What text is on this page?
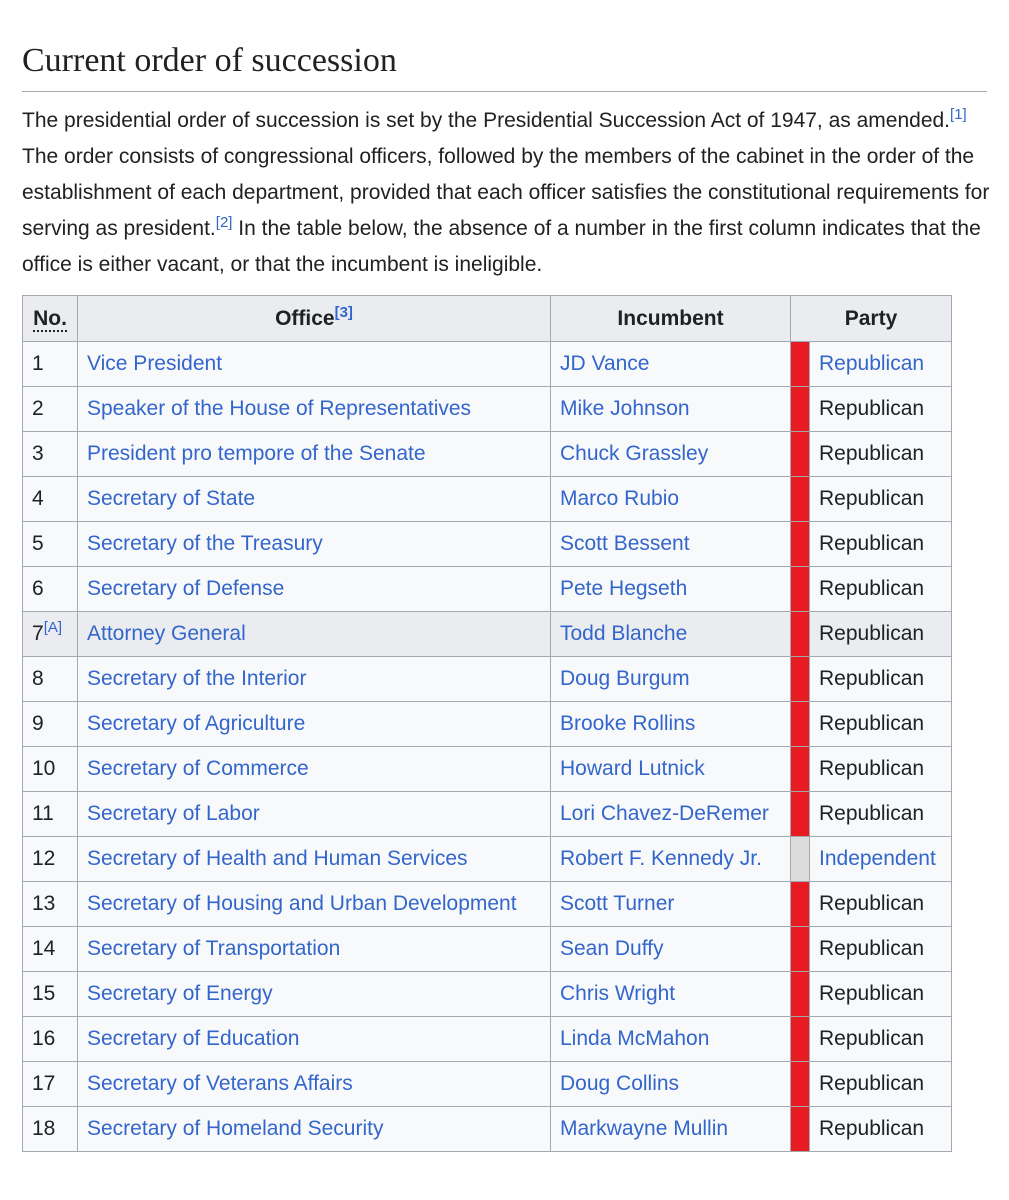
Current order of succession

The presidential order of succession is set by the Presidential Succession Act of 1947, as amended.[1] The order consists of congressional officers, followed by the members of the cabinet in the order of the establishment of each department, provided that each officer satisfies the constitutional requirements for serving as president.[2] In the table below, the absence of a number in the first column indicates that the office is either vacant, or that the incumbent is ineligible.

No.	Office[3]	Incumbent	Party	
1	Vice President	JD Vance		Republican
2	Speaker of the House of Representatives	Mike Johnson		Republican
3	President pro tempore of the Senate	Chuck Grassley		Republican
4	Secretary of State	Marco Rubio		Republican
5	Secretary of the Treasury	Scott Bessent		Republican
6	Secretary of Defense	Pete Hegseth		Republican
7[A]	Attorney General	Todd Blanche		Republican
8	Secretary of the Interior	Doug Burgum		Republican
9	Secretary of Agriculture	Brooke Rollins		Republican
10	Secretary of Commerce	Howard Lutnick		Republican
11	Secretary of Labor	Lori Chavez-DeRemer		Republican
12	Secretary of Health and Human Services	Robert F. Kennedy Jr.		Independent
13	Secretary of Housing and Urban Development	Scott Turner		Republican
14	Secretary of Transportation	Sean Duffy		Republican
15	Secretary of Energy	Chris Wright		Republican
16	Secretary of Education	Linda McMahon		Republican
17	Secretary of Veterans Affairs	Doug Collins		Republican
18	Secretary of Homeland Security	Markwayne Mullin		Republican
